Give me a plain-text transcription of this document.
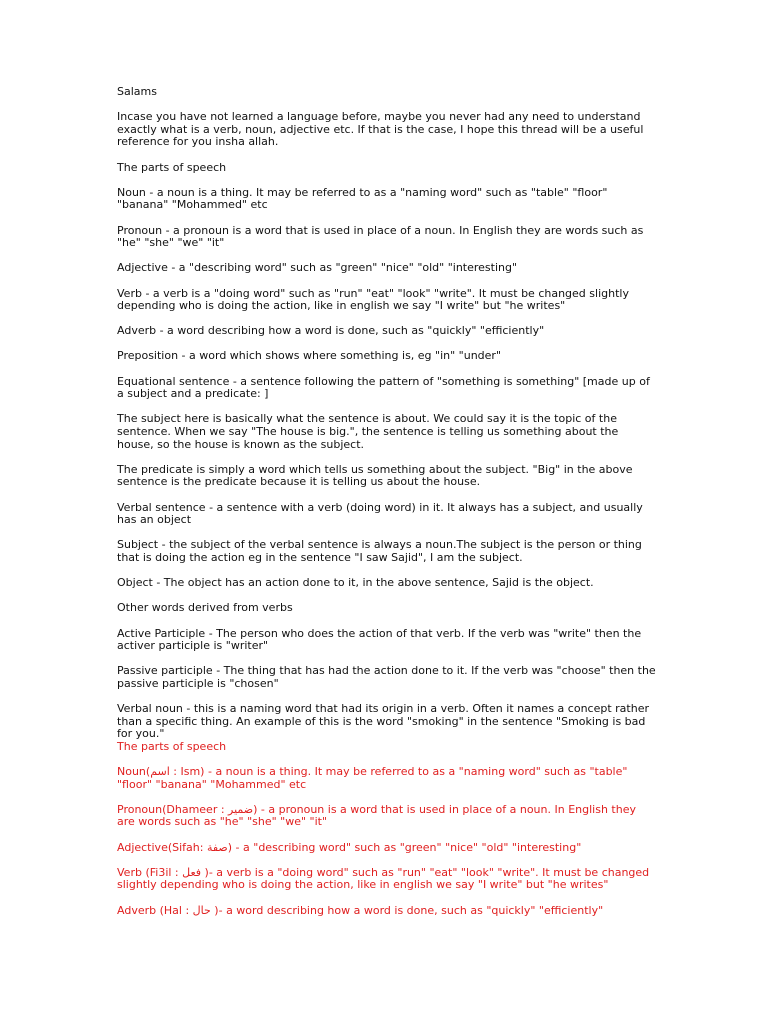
Salams

Incase you have not learned a language before, maybe you never had any need to understand exactly what is a verb, noun, adjective etc. If that is the case, I hope this thread will be a useful reference for you insha allah.

The parts of speech

Noun - a noun is a thing. It may be referred to as a "naming word" such as "table" "floor" "banana" "Mohammed" etc

Pronoun - a pronoun is a word that is used in place of a noun. In English they are words such as "he" "she" "we" "it"

Adjective - a "describing word" such as "green" "nice" "old" "interesting"

Verb - a verb is a "doing word" such as "run" "eat" "look" "write". It must be changed slightly depending who is doing the action, like in english we say "I write" but "he writes"

Adverb - a word describing how a word is done, such as "quickly" "efficiently"

Preposition - a word which shows where something is, eg "in" "under"

Equational sentence - a sentence following the pattern of "something is something" [made up of a subject and a predicate: ]

The subject here is basically what the sentence is about. We could say it is the topic of the sentence. When we say "The house is big.", the sentence is telling us something about the house, so the house is known as the subject.

The predicate is simply a word which tells us something about the subject. "Big" in the above sentence is the predicate because it is telling us about the house.

Verbal sentence - a sentence with a verb (doing word) in it. It always has a subject, and usually has an object

Subject - the subject of the verbal sentence is always a noun.The subject is the person or thing that is doing the action eg in the sentence "I saw Sajid", I am the subject.

Object - The object has an action done to it, in the above sentence, Sajid is the object.

Other words derived from verbs

Active Participle - The person who does the action of that verb. If the verb was "write" then the activer participle is "writer"

Passive participle - The thing that has had the action done to it. If the verb was "choose" then the passive participle is "chosen"

Verbal noun - this is a naming word that had its origin in a verb. Often it names a concept rather than a specific thing. An example of this is the word "smoking" in the sentence "Smoking is bad for you."

The parts of speech

Noun(اسم : Ism) - a noun is a thing. It may be referred to as a "naming word" such as "table" "floor" "banana" "Mohammed" etc

Pronoun(Dhameer : ضمير) - a pronoun is a word that is used in place of a noun. In English they are words such as "he" "she" "we" "it"

Adjective(Sifah: صفة) - a "describing word" such as "green" "nice" "old" "interesting"

Verb (Fi3il : فعل )- a verb is a "doing word" such as "run" "eat" "look" "write". It must be changed slightly depending who is doing the action, like in english we say "I write" but "he writes"

Adverb (Hal : حال )- a word describing how a word is done, such as "quickly" "efficiently"
